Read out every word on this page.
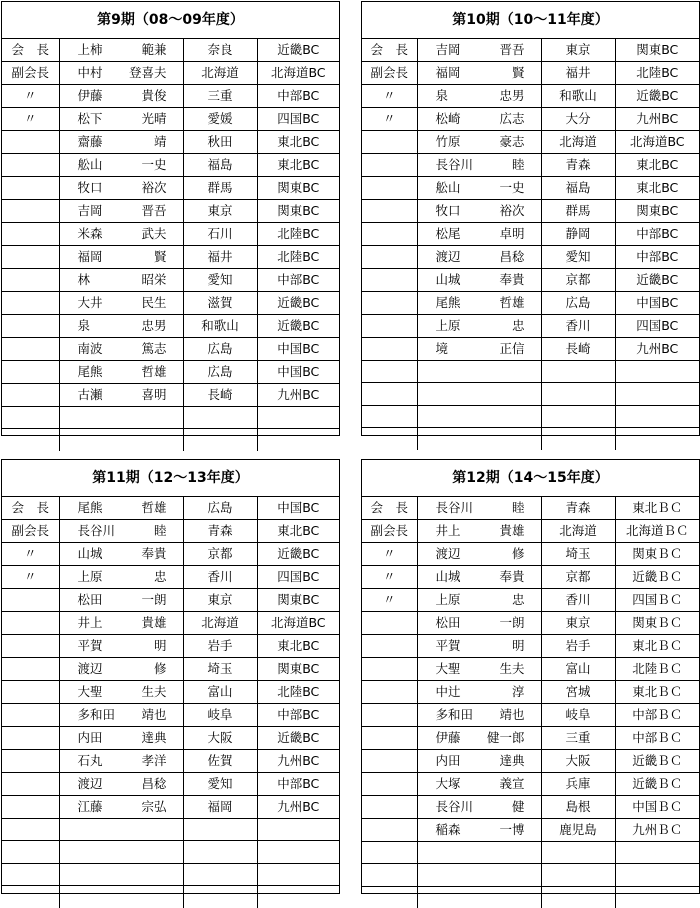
第9期（08〜09年度）
会　長	上柿 範兼	奈良	近畿BC
副会長	中村 登喜夫	北海道	北海道BC
〃	伊藤 貴俊	三重	中部BC
〃	松下 光晴	愛媛	四国BC

	齋藤 靖	秋田	東北BC

	舩山 一史	福島	東北BC

	牧口 裕次	群馬	関東BC

	吉岡 晋吾	東京	関東BC

	米森 武夫	石川	北陸BC

	福岡 賢	福井	北陸BC

	林 昭栄	愛知	中部BC

	大井 民生	滋賀	近畿BC

	泉 忠男	和歌山	近畿BC

	南波 篤志	広島	中国BC

	尾熊 哲雄	広島	中国BC

	古瀬 喜明	長崎	九州BC

第10期（10〜11年度）
会　長	吉岡 晋吾	東京	関東BC
副会長	福岡 賢	福井	北陸BC
〃	泉 忠男	和歌山	近畿BC
〃	松崎 広志	大分	九州BC

	竹原 豪志	北海道	北海道BC

	長谷川 睦	青森	東北BC

	舩山 一史	福島	東北BC

	牧口 裕次	群馬	関東BC

	松尾 卓明	静岡	中部BC

	渡辺 昌稔	愛知	中部BC

	山城 奉貴	京都	近畿BC

	尾熊 哲雄	広島	中国BC

	上原 忠	香川	四国BC

	境 正信	長崎	九州BC

第11期（12〜13年度）
会　長	尾熊 哲雄	広島	中国BC
副会長	長谷川 睦	青森	東北BC
〃	山城 奉貴	京都	近畿BC
〃	上原 忠	香川	四国BC

	松田 一朗	東京	関東BC

	井上 貴雄	北海道	北海道BC

	平賀 明	岩手	東北BC

	渡辺 修	埼玉	関東BC

	大聖 生夫	富山	北陸BC

	多和田 靖也	岐阜	中部BC

	内田 達典	大阪	近畿BC

	石丸 孝洋	佐賀	九州BC

	渡辺 昌稔	愛知	中部BC

	江藤 宗弘	福岡	九州BC

第12期（14〜15年度）
会　長	長谷川 睦	青森	東北ＢＣ
副会長	井上 貴雄	北海道	北海道ＢＣ
〃	渡辺 修	埼玉	関東ＢＣ
〃	山城 奉貴	京都	近畿ＢＣ
〃	上原 忠	香川	四国ＢＣ

	松田 一朗	東京	関東ＢＣ

	平賀 明	岩手	東北ＢＣ

	大聖 生夫	富山	北陸ＢＣ

	中辻 淳	宮城	東北ＢＣ

	多和田 靖也	岐阜	中部ＢＣ

	伊藤 健一郎	三重	中部ＢＣ

	内田 達典	大阪	近畿ＢＣ

	大塚 義宣	兵庫	近畿ＢＣ

	長谷川 健	島根	中国ＢＣ

	稲森 一博	鹿児島	九州ＢＣ
